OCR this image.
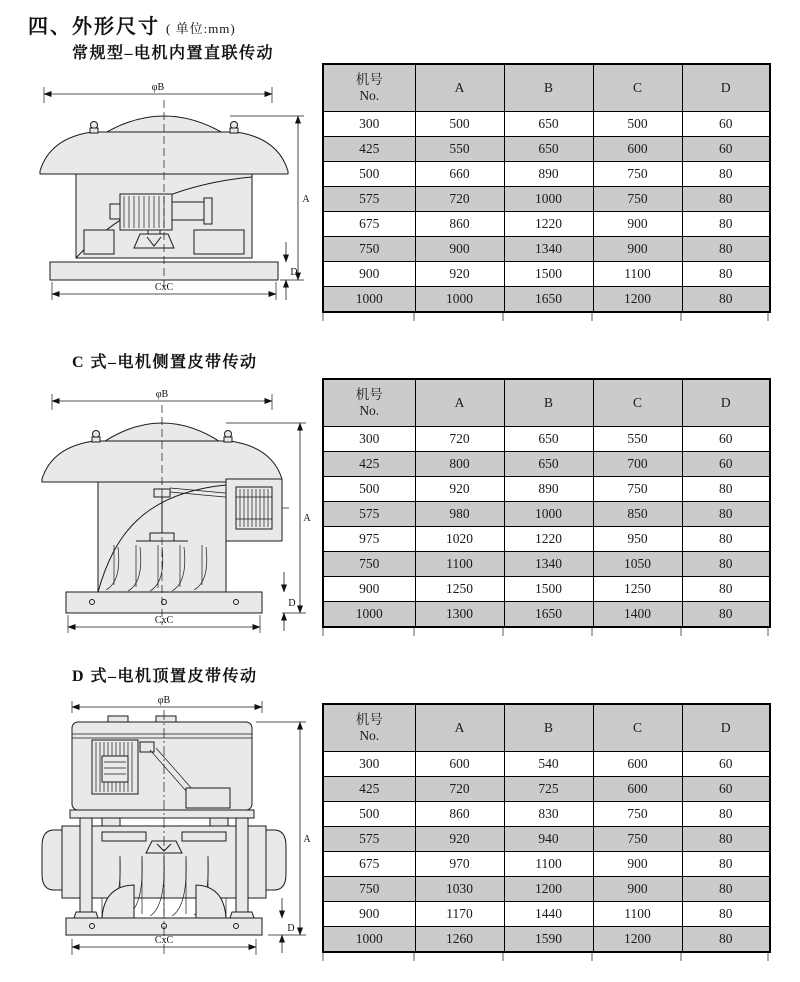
四、外形尺寸 ( 单位:mm)
常规型–电机内置直联传动
C 式–电机侧置皮带传动
D 式–电机顶置皮带传动
φB
A
D
CxC
φB
A
D
CxC
φB
A
D
CxC
机号
No.	A	B	C	D
300	500	650	500	60
425	550	650	600	60
500	660	890	750	80
575	720	1000	750	80
675	860	1220	900	80
750	900	1340	900	80
900	920	1500	1100	80
1000	1000	1650	1200	80
机号
No.	A	B	C	D
300	720	650	550	60
425	800	650	700	60
500	920	890	750	80
575	980	1000	850	80
975	1020	1220	950	80
750	1100	1340	1050	80
900	1250	1500	1250	80
1000	1300	1650	1400	80
机号
No.	A	B	C	D
300	600	540	600	60
425	720	725	600	60
500	860	830	750	80
575	920	940	750	80
675	970	1100	900	80
750	1030	1200	900	80
900	1170	1440	1100	80
1000	1260	1590	1200	80
